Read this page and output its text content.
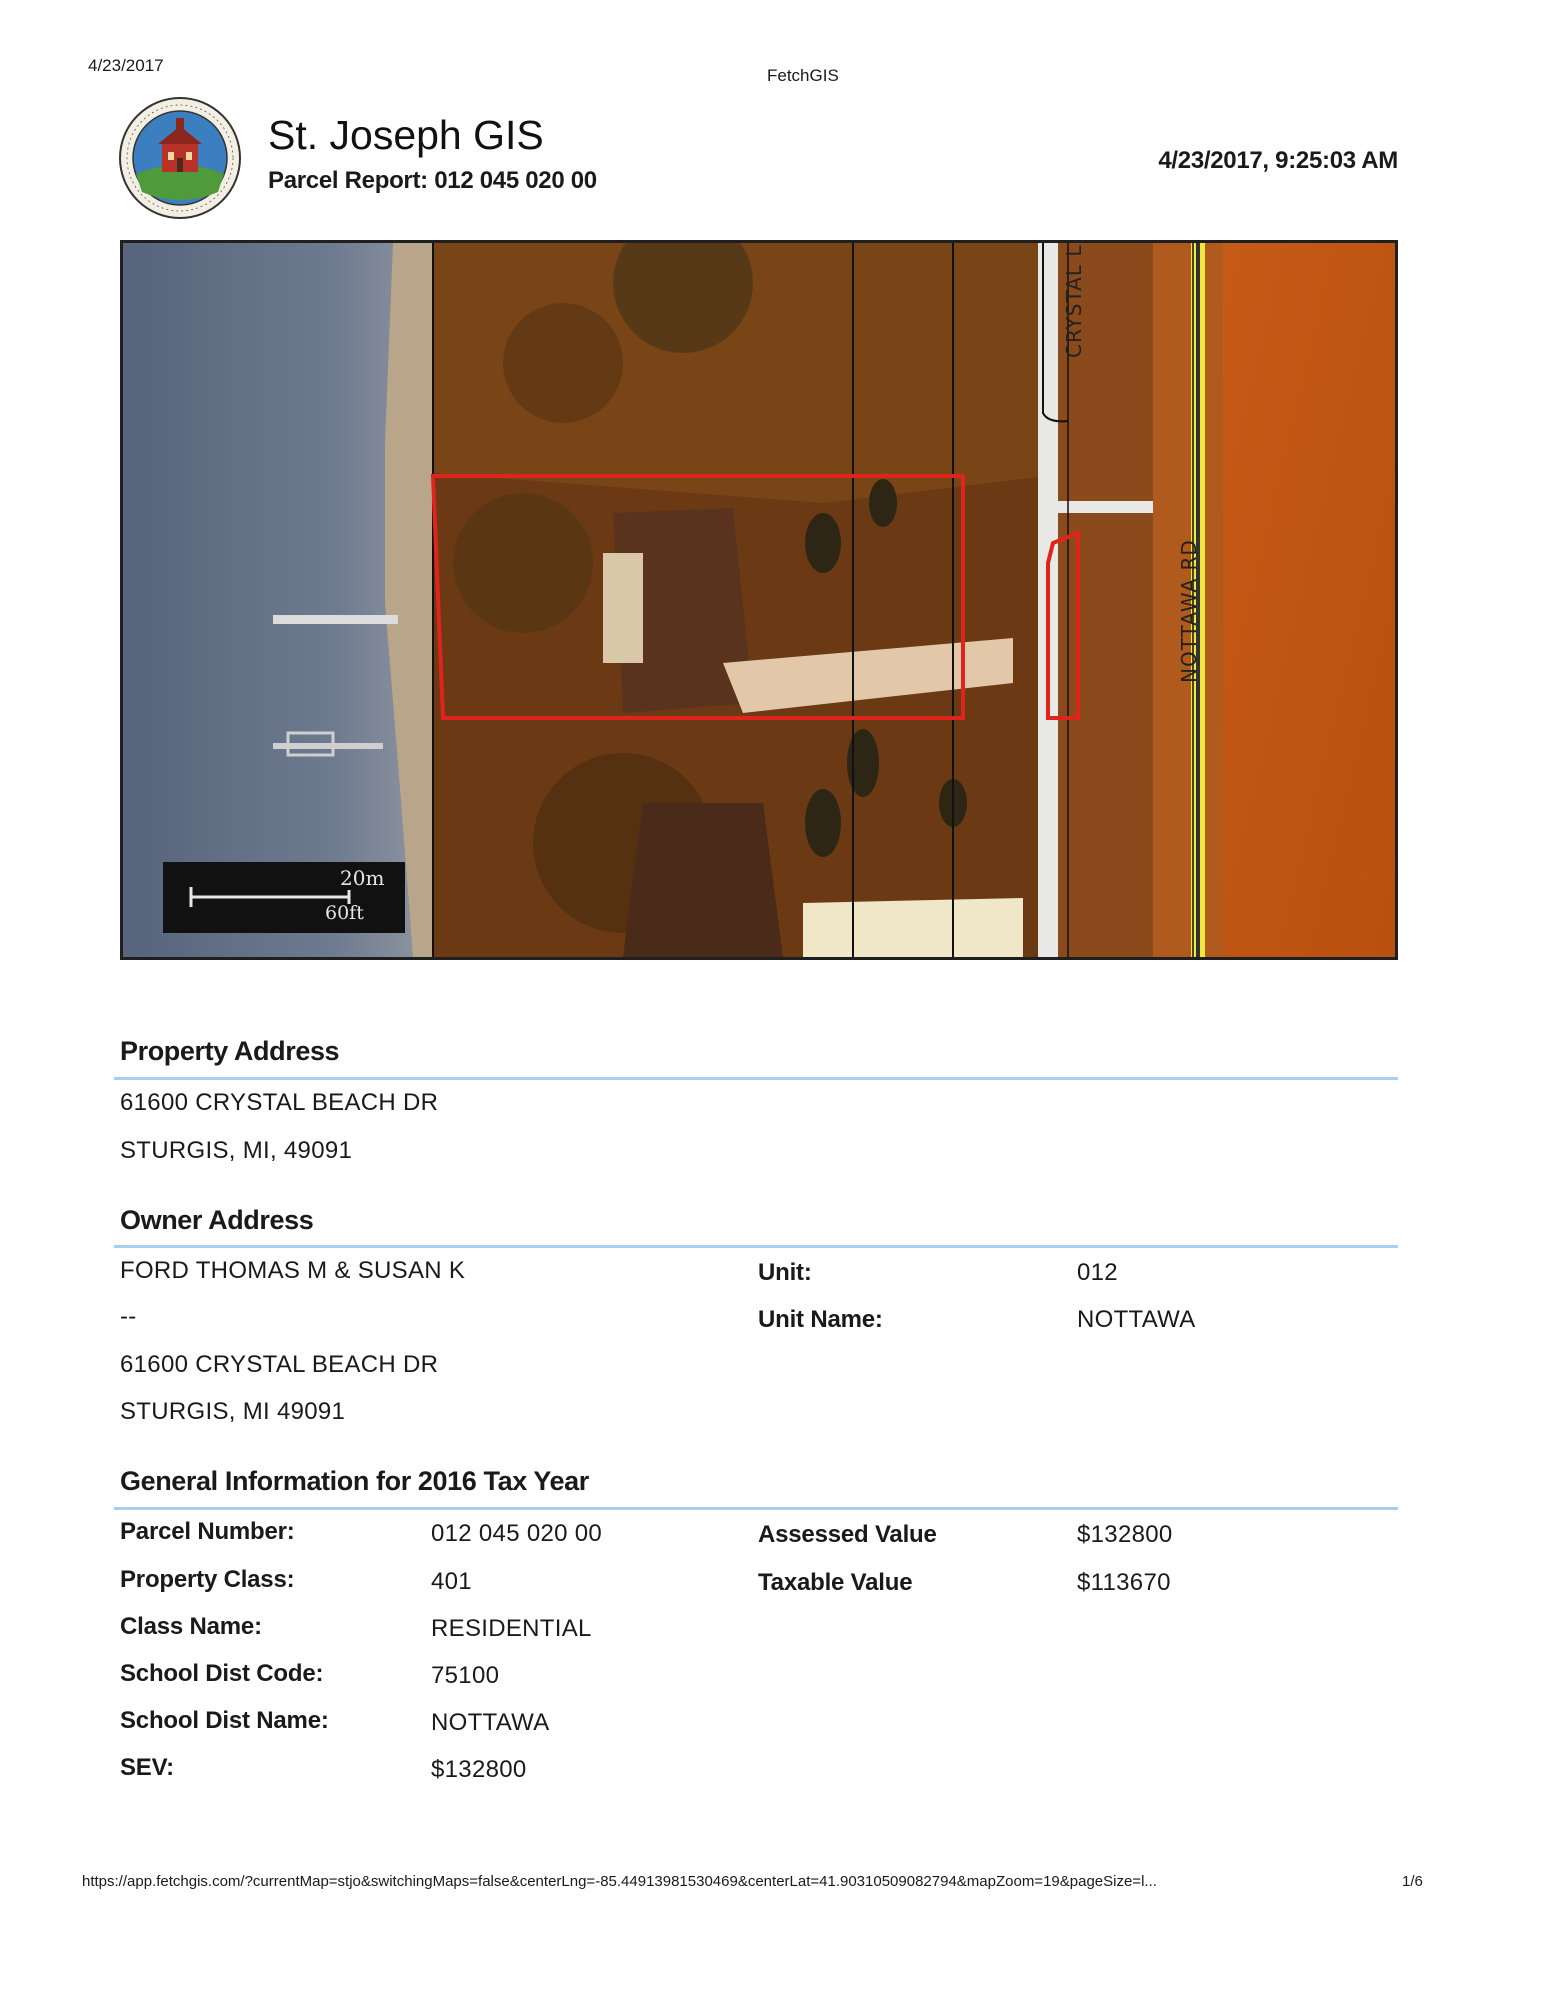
4/23/2017
FetchGIS
St. Joseph GIS
Parcel Report: 012 045 020 00
4/23/2017, 9:25:03 AM
CRYSTAL L
NOTTAWA RD
20m
60ft
Property Address
61600 CRYSTAL BEACH DR
STURGIS, MI, 49091
Owner Address
FORD THOMAS M & SUSAN K
--
61600 CRYSTAL BEACH DR
STURGIS, MI 49091
Unit:	012
Unit Name:	NOTTAWA
General Information for 2016 Tax Year
Parcel Number:	012 045 020 00
Property Class:	401
Class Name:	RESIDENTIAL
School Dist Code:	75100
School Dist Name:	NOTTAWA
SEV:	$132800
Assessed Value	$132800
Taxable Value	$113670
https://app.fetchgis.com/?currentMap=stjo&switchingMaps=false&centerLng=-85.44913981530469&centerLat=41.90310509082794&mapZoom=19&pageSize=l...	1/6
